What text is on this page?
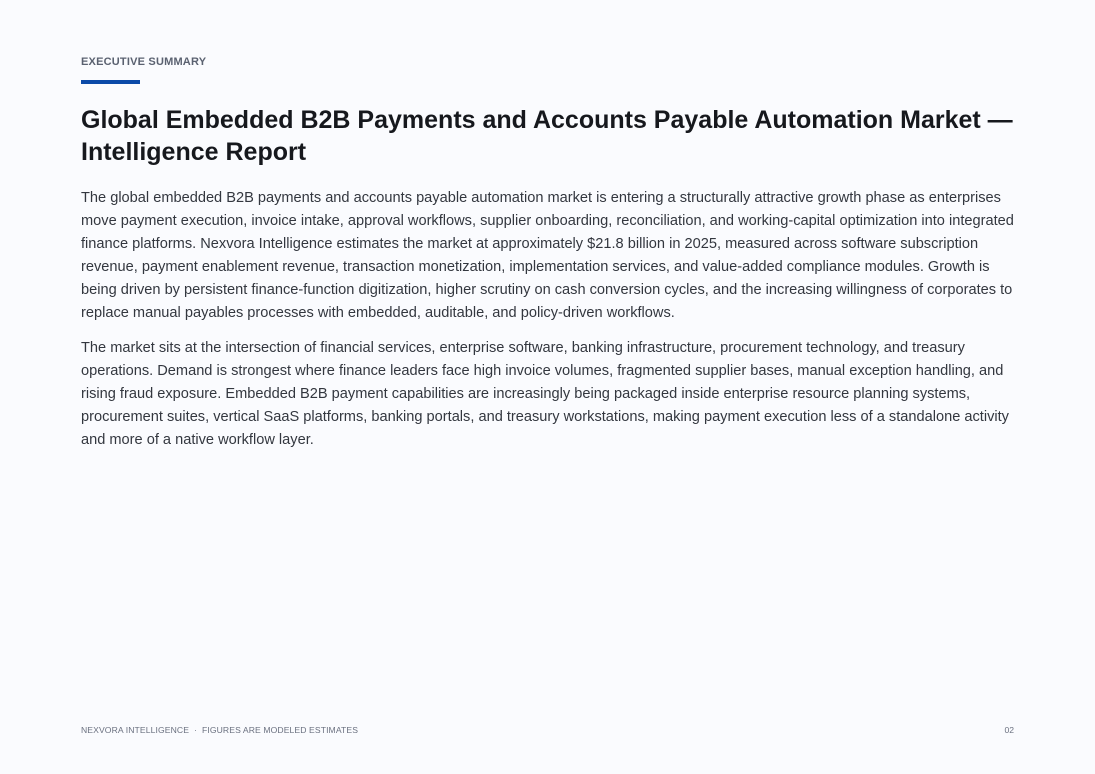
EXECUTIVE SUMMARY
Global Embedded B2B Payments and Accounts Payable Automation Market — Intelligence Report

The global embedded B2B payments and accounts payable automation market is entering a structurally attractive growth phase as enterprises move payment execution, invoice intake, approval workflows, supplier onboarding, reconciliation, and working-capital optimization into integrated finance platforms. Nexvora Intelligence estimates the market at approximately $21.8 billion in 2025, measured across software subscription revenue, payment enablement revenue, transaction monetization, implementation services, and value-added compliance modules. Growth is being driven by persistent finance-function digitization, higher scrutiny on cash conversion cycles, and the increasing willingness of corporates to replace manual payables processes with embedded, auditable, and policy-driven workflows.

The market sits at the intersection of financial services, enterprise software, banking infrastructure, procurement technology, and treasury operations. Demand is strongest where finance leaders face high invoice volumes, fragmented supplier bases, manual exception handling, and rising fraud exposure. Embedded B2B payment capabilities are increasingly being packaged inside enterprise resource planning systems, procurement suites, vertical SaaS platforms, banking portals, and treasury workstations, making payment execution less of a standalone activity and more of a native workflow layer.

NEXVORA INTELLIGENCE · FIGURES ARE MODELED ESTIMATES	02
